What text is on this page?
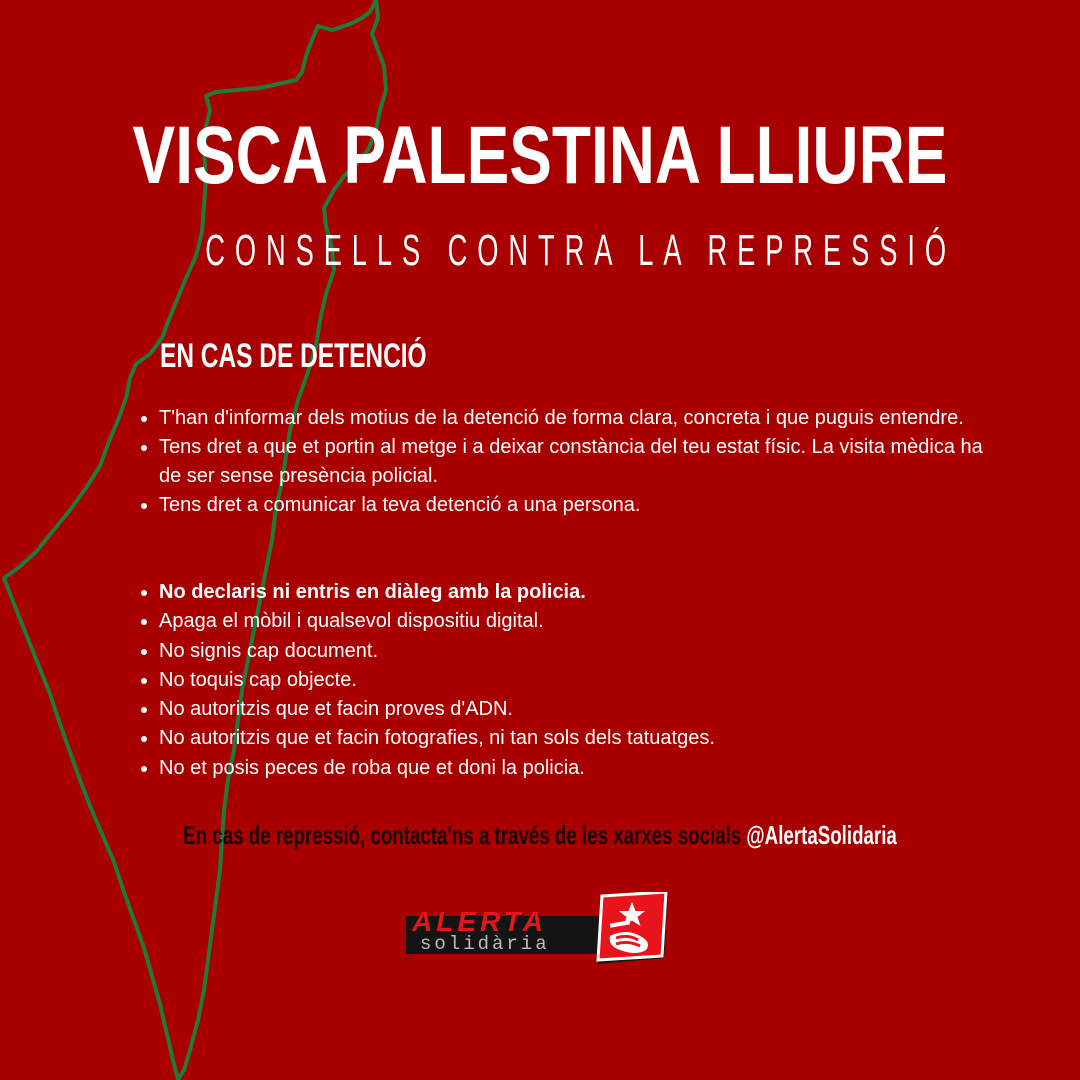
VISCA PALESTINA LLIURE
CONSELLS CONTRA LA REPRESSIÓ
EN CAS DE DETENCIÓ
• T'han d'informar dels motius de la detenció de forma clara, concreta i que puguis entendre.
• Tens dret a que et portin al metge i a deixar constància del teu estat físic. La visita mèdica ha de ser sense presència policial.
• Tens dret a comunicar la teva detenció a una persona.
• No declaris ni entris en diàleg amb la policia.
• Apaga el mòbil i qualsevol dispositiu digital.
• No signis cap document.
• No toquis cap objecte.
• No autoritzis que et facin proves d'ADN.
• No autoritzis que et facin fotografies, ni tan sols dels tatuatges.
• No et posis peces de roba que et doni la policia.
En cas de repressió, contacta'ns a través de les xarxes socials @AlertaSolidaria
ALERTA
solidària
